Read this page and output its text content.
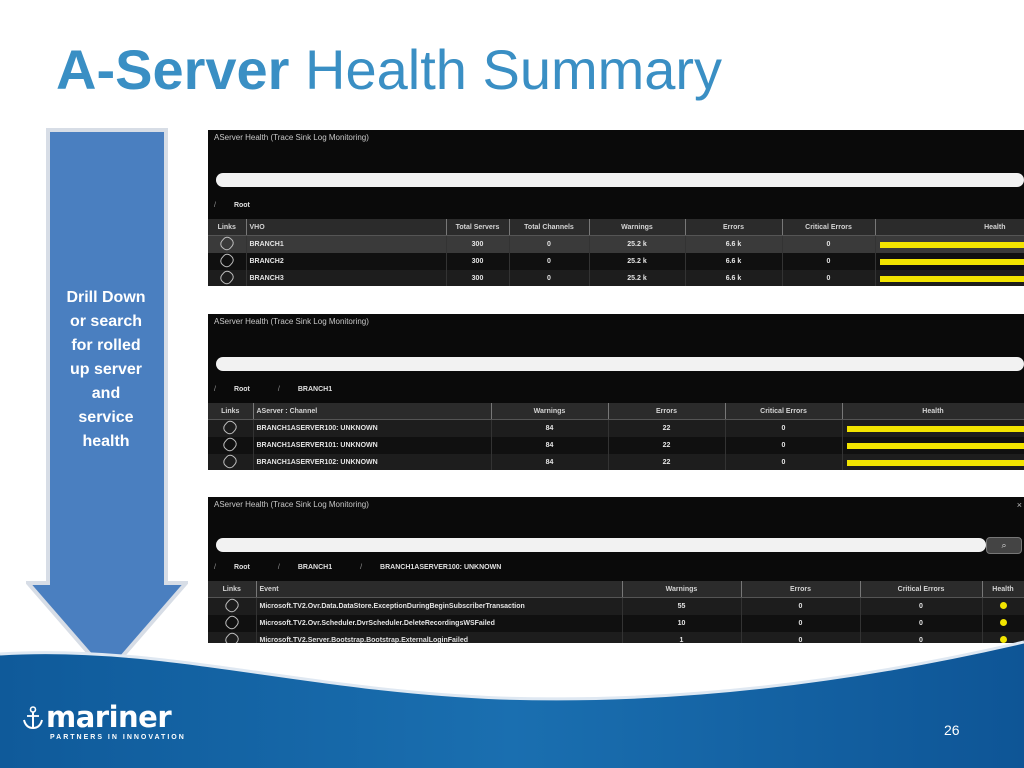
A-Server Health Summary
Drill Down
or search
for rolled
up server
and
service
health
AServer Health (Trace Sink Log Monitoring)
/	Root
Links	VHO	Total Servers	Total Channels	Warnings	Errors	Critical Errors	Health
	BRANCH1	300	0	25.2 k	6.6 k	0	

	BRANCH2	300	0	25.2 k	6.6 k	0	

	BRANCH3	300	0	25.2 k	6.6 k	0	
AServer Health (Trace Sink Log Monitoring)
/	Root	/	BRANCH1
Links	AServer : Channel	Warnings	Errors	Critical Errors	Health
	BRANCH1ASERVER100: UNKNOWN	84	22	0	

	BRANCH1ASERVER101: UNKNOWN	84	22	0	

	BRANCH1ASERVER102: UNKNOWN	84	22	0	
AServer Health (Trace Sink Log Monitoring)	×
⌕
/	Root	/	BRANCH1	/	BRANCH1ASERVER100: UNKNOWN
Links	Event	Warnings	Errors	Critical Errors	Health
	Microsoft.TV2.Ovr.Data.DataStore.ExceptionDuringBeginSubscriberTransaction	55	0	0	
	Microsoft.TV2.Ovr.Scheduler.DvrScheduler.DeleteRecordingsWSFailed	10	0	0	
	Microsoft.TV2.Server.Bootstrap.Bootstrap.ExternalLoginFailed	1	0	0	
mariner
PARTNERS IN INNOVATION	26
